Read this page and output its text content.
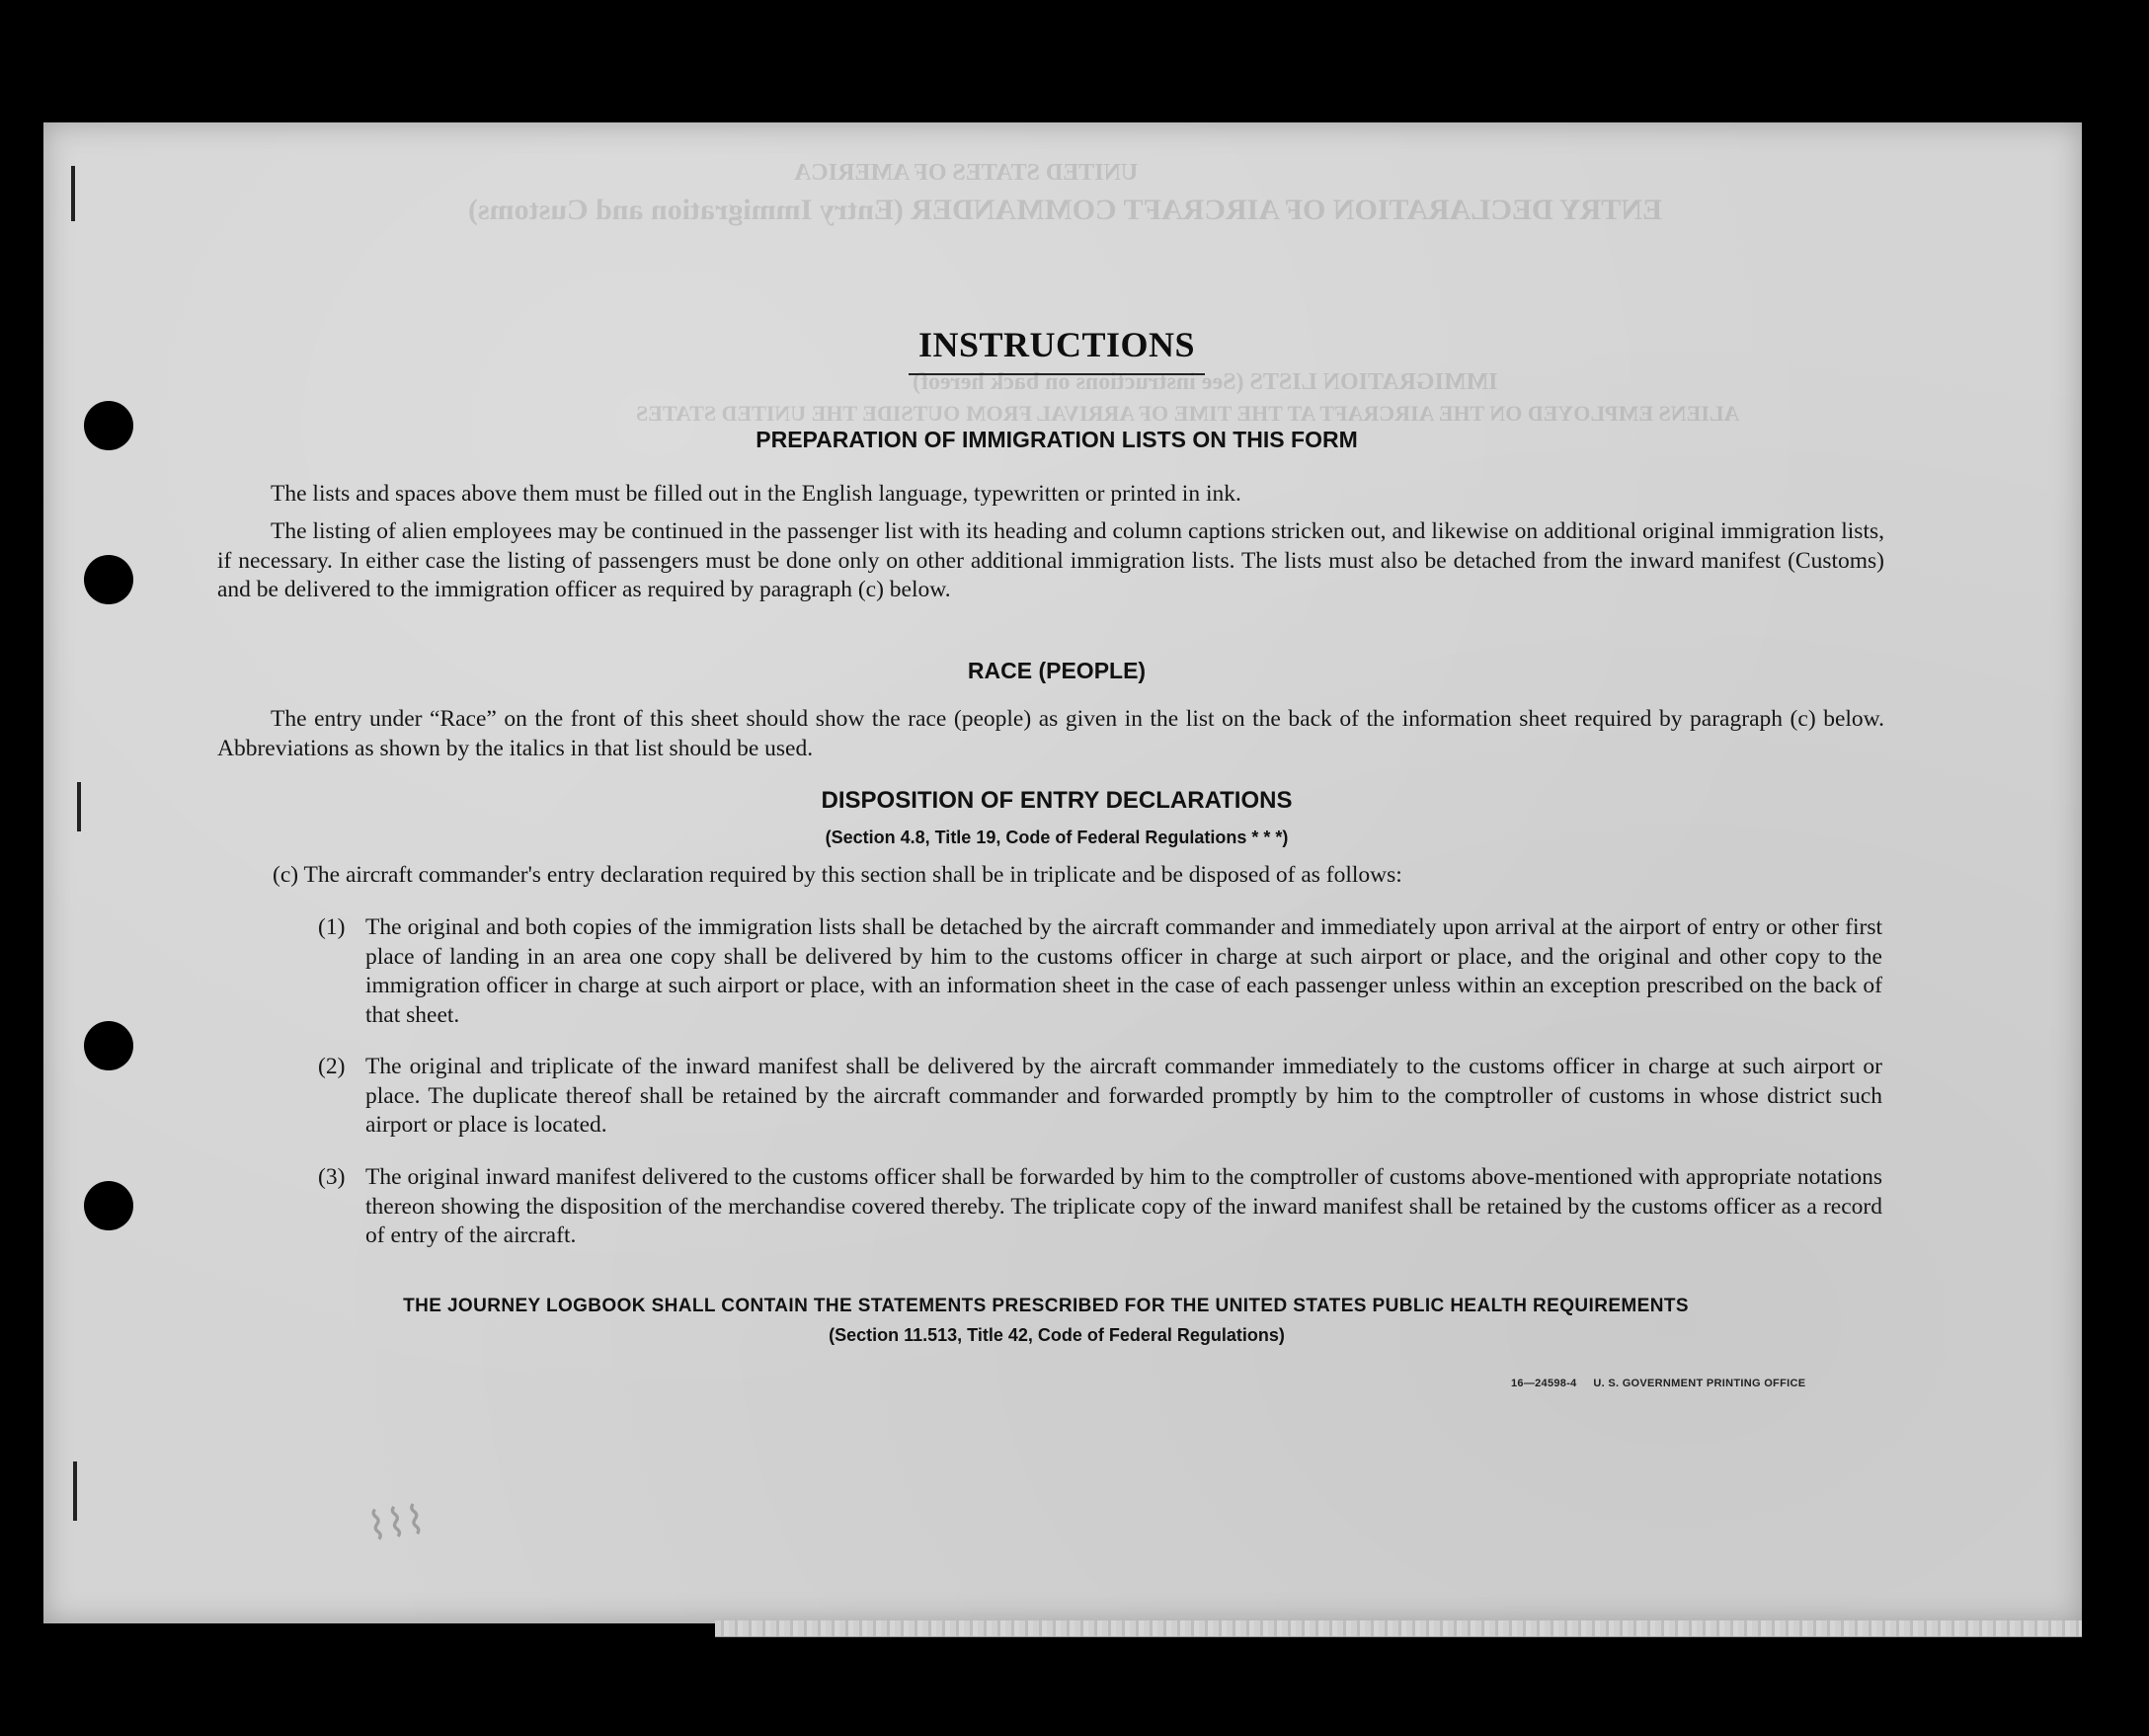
UNITED STATES OF AMERICA
ENTRY DECLARATION OF AIRCRAFT COMMANDER (Entry Immigration and Customs)
IMMIGRATION LISTS (See instructions on back hereof)
ALIENS EMPLOYED ON THE AIRCRAFT AT THE TIME OF ARRIVAL FROM OUTSIDE THE UNITED STATES
INSTRUCTIONS
PREPARATION OF IMMIGRATION LISTS ON THIS FORM
The lists and spaces above them must be filled out in the English language, typewritten or printed in ink.
The listing of alien employees may be continued in the passenger list with its heading and column captions stricken out, and likewise on additional original immigration lists, if necessary. In either case the listing of passengers must be done only on other additional immigration lists. The lists must also be detached from the inward manifest (Customs) and be delivered to the immigration officer as required by paragraph (c) below.
RACE (PEOPLE)
The entry under “Race” on the front of this sheet should show the race (people) as given in the list on the back of the information sheet required by paragraph (c) below. Abbreviations as shown by the italics in that list should be used.
DISPOSITION OF ENTRY DECLARATIONS
(Section 4.8, Title 19, Code of Federal Regulations * * *)
(c) The aircraft commander's entry declaration required by this section shall be in triplicate and be disposed of as follows:
(1) The original and both copies of the immigration lists shall be detached by the aircraft commander and immediately upon arrival at the airport of entry or other first place of landing in an area one copy shall be delivered by him to the customs officer in charge at such airport or place, and the original and other copy to the immigration officer in charge at such airport or place, with an information sheet in the case of each passenger unless within an exception prescribed on the back of that sheet.
(2) The original and triplicate of the inward manifest shall be delivered by the aircraft commander immediately to the customs officer in charge at such airport or place. The duplicate thereof shall be retained by the aircraft commander and forwarded promptly by him to the comptroller of customs in whose district such airport or place is located.
(3) The original inward manifest delivered to the customs officer shall be forwarded by him to the comptroller of customs above-mentioned with appropriate notations thereon showing the disposition of the merchandise covered thereby. The triplicate copy of the inward manifest shall be retained by the customs officer as a record of entry of the aircraft.
THE JOURNEY LOGBOOK SHALL CONTAIN THE STATEMENTS PRESCRIBED FOR THE UNITED STATES PUBLIC HEALTH REQUIREMENTS
(Section 11.513, Title 42, Code of Federal Regulations)
16—24598-4     U. S. GOVERNMENT PRINTING OFFICE
⌇⌇⌇
